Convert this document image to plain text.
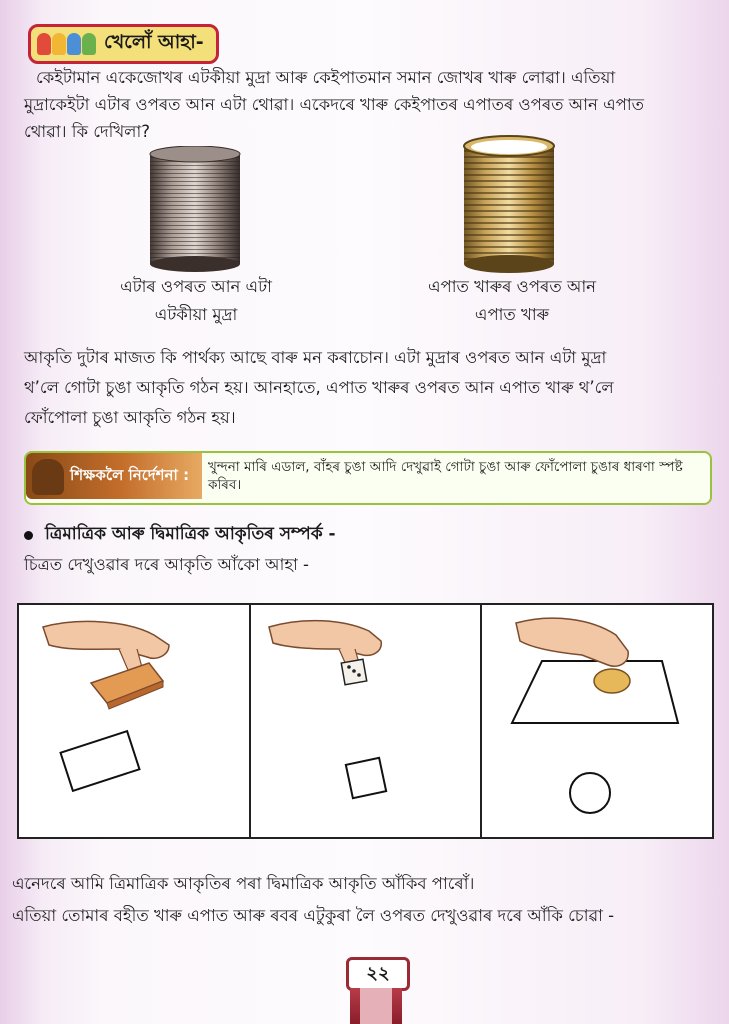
খেলোঁ আহা-
কেইটামান একেজোখৰ এটকীয়া মুদ্ৰা আৰু কেইপাতমান সমান জোখৰ খাৰু লোৱা। এতিয়া
মুদ্ৰাকেইটা এটাৰ ওপৰত আন এটা থোৱা। একেদৰে খাৰু কেইপাতৰ এপাতৰ ওপৰত আন এপাত
থোৱা। কি দেখিলা?
এটাৰ ওপৰত আন এটা
এটকীয়া মুদ্ৰা
এপাত খাৰুৰ ওপৰত আন
এপাত খাৰু
আকৃতি দুটাৰ মাজত কি পাৰ্থক্য আছে বাৰু মন কৰাচোন। এটা মুদ্ৰাৰ ওপৰত আন এটা মুদ্ৰা
থ’লে গোটা চুঙা আকৃতি গঠন হয়। আনহাতে, এপাত খাৰুৰ ওপৰত আন এপাত খাৰু থ’লে
ফোঁপোলা চুঙা আকৃতি গঠন হয়।
শিক্ষকলৈ নিৰ্দেশনা : খুন্দনা মাৰি এডাল, বাঁহৰ চুঙা আদি দেখুৱাই গোটা চুঙা আৰু ফোঁপোলা চুঙাৰ ধাৰণা স্পষ্ট কৰিব।
ত্ৰিমাত্ৰিক আৰু দ্বিমাত্ৰিক আকৃতিৰ সম্পৰ্ক -
চিত্ৰত দেখুওৱাৰ দৰে আকৃতি আঁকো আহা -
এনেদৰে আমি ত্ৰিমাত্ৰিক আকৃতিৰ পৰা দ্বিমাত্ৰিক আকৃতি আঁকিব পাৰোঁ।
এতিয়া তোমাৰ বহীত খাৰু এপাত আৰু ৰবৰ এটুকুৰা লৈ ওপৰত দেখুওৱাৰ দৰে আঁকি চোৱা -
২২
